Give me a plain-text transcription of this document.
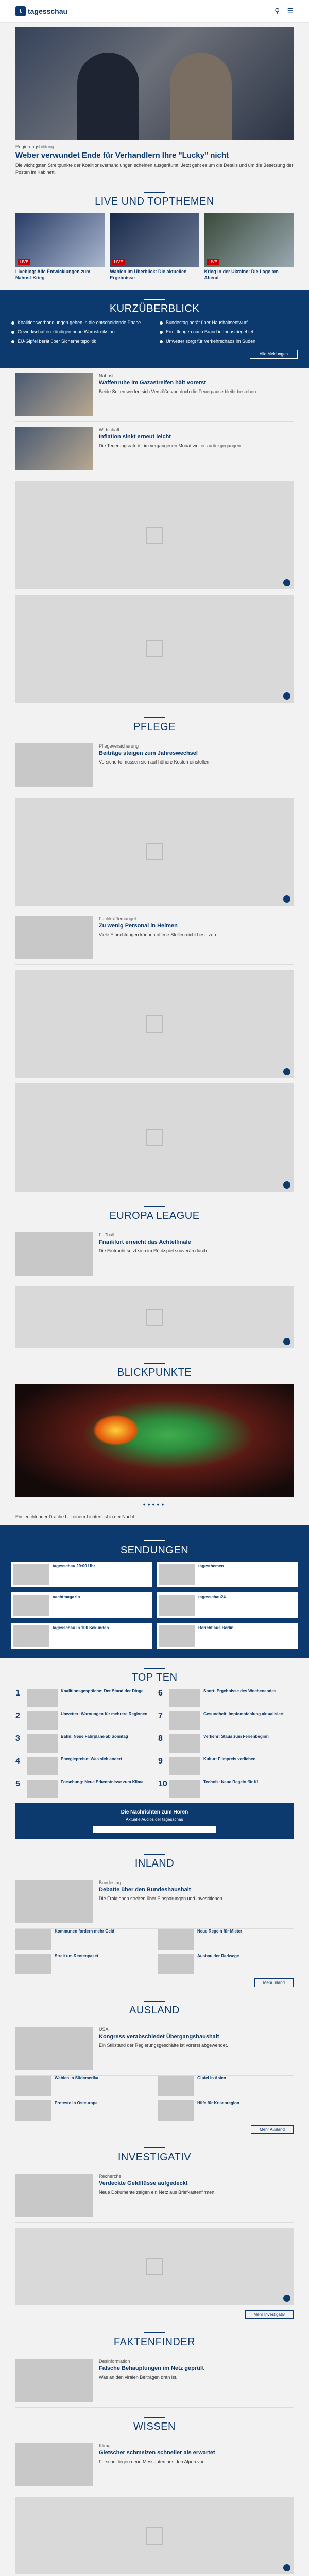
t tagesschau	⚲ ☰
Regierungsbildung
Weber verwundet Ende für Verhandlern Ihre "Lucky" nicht
Die wichtigsten Streitpunkte der Koalitionsverhandlungen scheinen ausgeräumt. Jetzt geht es um die Details und um die Besetzung der Posten im Kabinett.
LIVE UND TOPTHEMEN
LIVE
Liveblog: Alle Entwicklungen zum Nahost-Krieg
LIVE
Wahlen im Überblick: Die aktuellen Ergebnisse
LIVE
Krieg in der Ukraine: Die Lage am Abend
KURZÜBERBLICK
Koalitionsverhandlungen gehen in die entscheidende Phase	Bundestag berät über Haushaltsentwurf
Gewerkschaften kündigen neue Warnstreiks an	Ermittlungen nach Brand in Industriegebiet
EU-Gipfel berät über Sicherheitspolitik	Unwetter sorgt für Verkehrschaos im Süden
Alle Meldungen
Nahost
Waffenruhe im Gazastreifen hält vorerst
Beide Seiten werfen sich Verstöße vor, doch die Feuerpause bleibt bestehen.
Wirtschaft
Inflation sinkt erneut leicht
Die Teuerungsrate ist im vergangenen Monat weiter zurückgegangen.
PFLEGE
Pflegeversicherung
Beiträge steigen zum Jahreswechsel
Versicherte müssen sich auf höhere Kosten einstellen.
Fachkräftemangel
Zu wenig Personal in Heimen
Viele Einrichtungen können offene Stellen nicht besetzen.
EUROPA LEAGUE
Fußball
Frankfurt erreicht das Achtelfinale
Die Eintracht setzt sich im Rückspiel souverän durch.
BLICKPUNKTE
•••••
Ein leuchtender Drache bei einem Lichterfest in der Nacht.
SENDUNGEN
tagesschau 20:00 Uhr	tagesthemen
nachtmagazin	tagesschau24
tagesschau in 100 Sekunden	Bericht aus Berlin
TOP TEN
1	Koalitionsgespräche: Der Stand der Dinge 6	Sport: Ergebnisse des Wochenendes
2	Unwetter: Warnungen für mehrere Regionen 7	Gesundheit: Impfempfehlung aktualisiert
3	Bahn: Neue Fahrpläne ab Sonntag	8	Verkehr: Staus zum Ferienbeginn
4	Energiepreise: Was sich ändert	9	Kultur: Filmpreis verliehen
5	Forschung: Neue Erkenntnisse zum Klima 10	Technik: Neue Regeln für KI
Die Nachrichten zum Hören
Aktuelle Audios der tagesschau
INLAND
Bundestag
Debatte über den Bundeshaushalt
Die Fraktionen streiten über Einsparungen und Investitionen.
Kommunen fordern mehr Geld	Neue Regeln für Mieter
Streit um Rentenpaket	Ausbau der Radwege
Mehr Inland
AUSLAND
USA
Kongress verabschiedet Übergangshaushalt
Ein Stillstand der Regierungsgeschäfte ist vorerst abgewendet.
Wahlen in Südamerika	Gipfel in Asien
Proteste in Osteuropa	Hilfe für Krisenregion
Mehr Ausland
INVESTIGATIV
Recherche
Verdeckte Geldflüsse aufgedeckt
Neue Dokumente zeigen ein Netz aus Briefkastenfirmen.
Mehr Investigativ
FAKTENFINDER
Desinformation
Falsche Behauptungen im Netz geprüft
Was an den viralen Beiträgen dran ist.
WISSEN
Klima
Gletscher schmelzen schneller als erwartet
Forscher legen neue Messdaten aus den Alpen vor.
